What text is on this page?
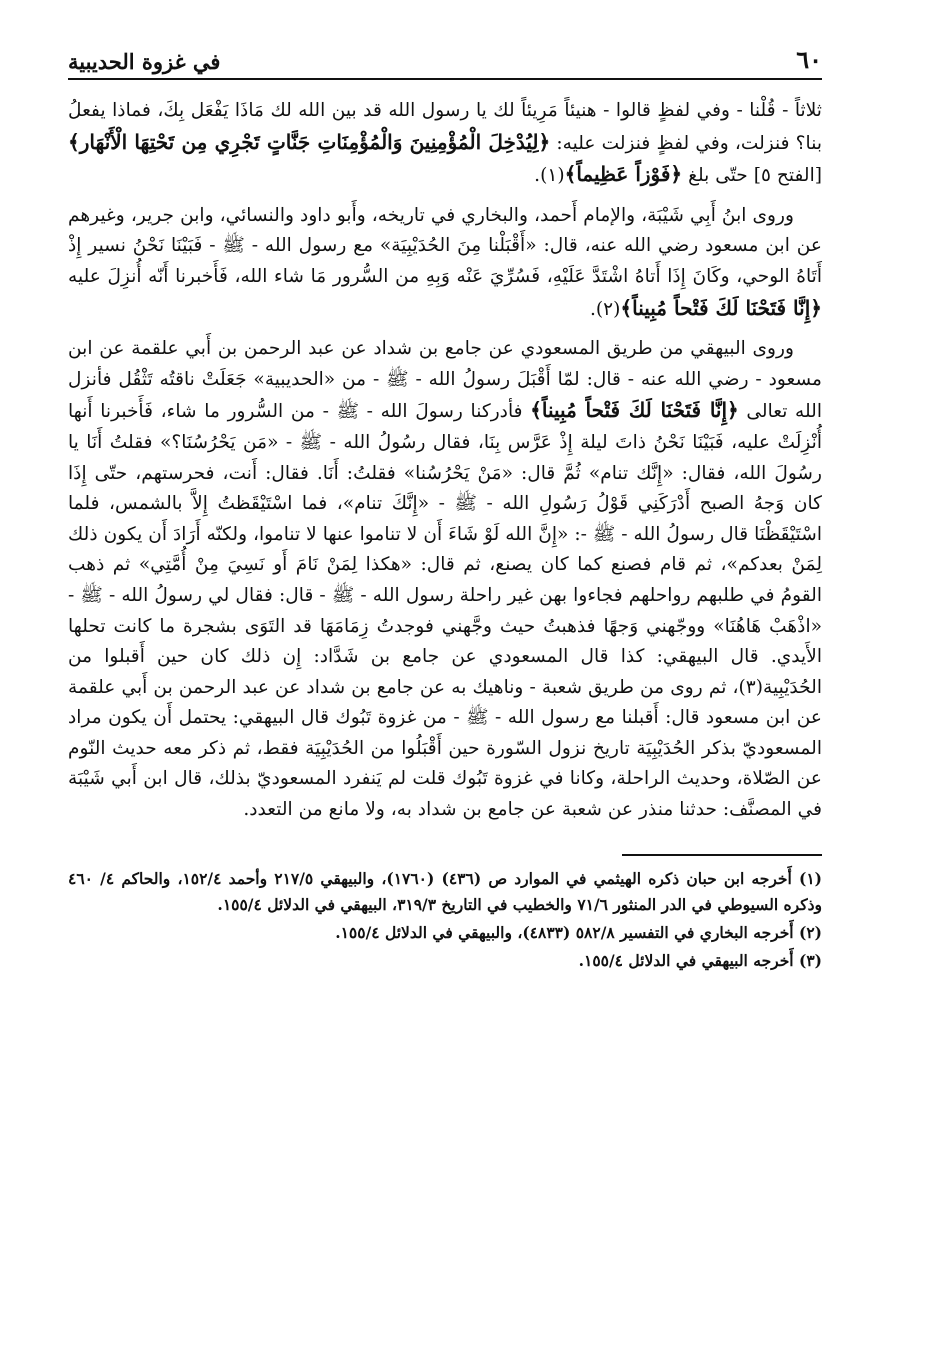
٦٠
في غزوة الحديبية

ثلاثاً - قُلْنا - وفي لفظٍ قالوا - هنيئاً مَرِيئاً لك يا رسول الله قد بين الله لك مَاذَا يَفْعَل بِكَ، فماذا يفعلُ بنا؟ فنزلت، وفي لفظٍ فنزلت عليه: ﴿لِيُدْخِلَ الْمُؤْمِنِينَ وَالْمُؤْمِنَاتِ جَنَّاتٍ تَجْرِي مِن تَحْتِهَا الْأَنْهَار﴾ [الفتح ٥] حتّى بلغ ﴿فَوْزاً عَظِيماً﴾(١).

وروى ابنُ أَبِي شَيْبَة، والإمام أَحمد، والبخاري في تاريخه، وأَبو داود والنسائي، وابن جرير، وغيرهم عن ابن مسعود رضي الله عنه، قال: «أَقْبَلْنا مِنَ الحُدَيْبِيَة» مع رسول الله - ﷺ - فَبَيْنَا نَحْنُ نسير إِذْ أَتَاهُ الوحي، وكَانَ إِذَا أَتاهُ اشْتَدَّ عَلَيْهِ، فَسُرِّيَ عَنْه وَبِهِ من السُّرور مَا شاء الله، فَأَخبرنا أَنّه أُنزِلَ عليه ﴿إِنَّا فَتَحْنَا لَكَ فَتْحاً مُبِيناً﴾(٢).

وروى البيهقي من طريق المسعودي عن جامع بن شداد عن عبد الرحمن بن أَبي علقمة عن ابن مسعود - رضي الله عنه - قال: لمّا أَقْبَلَ رسولُ الله - ﷺ - من «الحديبية» جَعَلَتْ ناقتُه تَثْقُل فأنزل الله تعالى ﴿إِنَّا فَتَحْنَا لَكَ فَتْحاً مُبِيناً﴾ فأدركنا رسولَ الله - ﷺ - من السُّرور ما شاء، فَأَخبرنا أَنها أُنْزِلَتْ عليه، فَبَيْنَا نَحْنُ ذاتَ ليلة إِذْ عَرَّس بِنَا، فقال رسُولُ الله - ﷺ - «مَن يَحْرُسُنَا؟» فقلتُ أَنَا يا رسُولَ الله، فقال: «إِنَّك تنام» ثُمَّ قال: «مَنْ يَحْرُسُنا» فقلتُ: أَنَا. فقال: أَنت، فحرستهم، حتّى إِذَا كان وَجهُ الصبح أَدْرَكَنِي قَوْلُ رَسُولِ الله - ﷺ - «إِنَّكَ تنام»، فما اسْتَيْقَظتُ إِلاَّ بالشمس، فلما اسْتَيْقَظْنَا قال رسولُ الله - ﷺ -: «إِنَّ الله لَوْ شَاءَ أَن لا تناموا عنها لا تناموا، ولكنّه أَرَادَ أَن يكون ذلك لِمَنْ بعدكم»، ثم قام فصنع كما كان يصنع، ثم قال: «هكذا لِمَنْ نَامَ أَو نَسِيَ مِنْ أُمَّتِي» ثم ذهب القومُ في طلبهم رواحلهم فجاءوا بهن غير راحلة رسول الله - ﷺ - قال: فقال لي رسولُ الله - ﷺ - «اذْهَبْ هَاهُنَا» ووجّهني وَجهًا فذهبتُ حيث وجَّهني فوجدتُ زِمَامَهَا قد التَوَى بشجرة ما كانت تحلها الأَيدي. قال البيهقي: كذا قال المسعودي عن جامع بن شَدَّاد: إِن ذلك كان حين أَقبلوا من الحُدَيْبِية(٣)، ثم روى من طريق شعبة - وناهيك به عن جامع بن شداد عن عبد الرحمن بن أَبي علقمة عن ابن مسعود قال: أَقبلنا مع رسول الله - ﷺ - من غزوة تَبُوك قال البيهقي: يحتمل أَن يكون مراد المسعوديّ بذكر الحُدَيْبِيَة تاريخ نزول السّورة حين أَقْبَلُوا من الحُدَيْبِيَة فقط، ثم ذكر معه حديث النّوم عن الصّلاة، وحديث الراحلة، وكانا في غزوة تَبُوك قلت لم يَنفرد المسعوديّ بذلك، قال ابن أَبي شَيْبَة في المصنَّف: حدثنا منذر عن شعبة عن جامع بن شداد به، ولا مانع من التعدد.

(١) أَخرجه ابن حبان ذكره الهيثمي في الموارد ص (٤٣٦) (١٧٦٠)، والبيهقي ٢١٧/٥ وأحمد ١٥٢/٤، والحاكم ٤/ ٤٦٠ وذكره السيوطي في الدر المنثور ٧١/٦ والخطيب في التاريخ ٣١٩/٣، البيهقي في الدلائل ١٥٥/٤.

(٢) أَخرجه البخاري في التفسير ٥٨٢/٨ (٤٨٣٣)، والبيهقي في الدلائل ١٥٥/٤.

(٣) أَخرجه البيهقي في الدلائل ١٥٥/٤.
